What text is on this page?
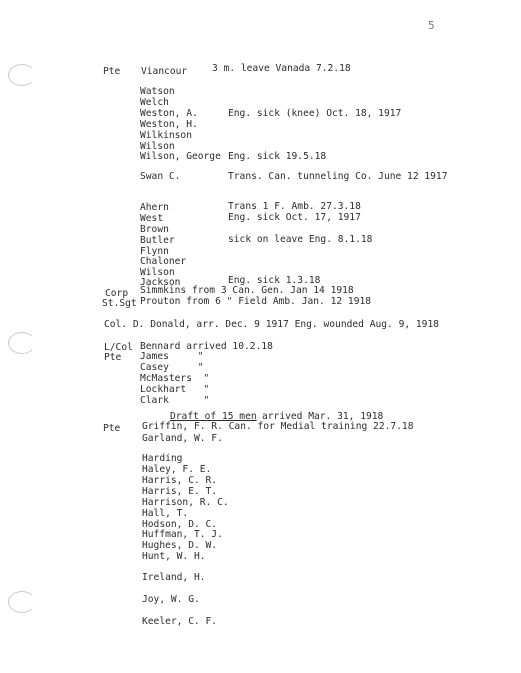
5
Pte Viancour	3 m. leave Vanada 7.2.18
Watson
Welch
Weston, A.	Eng. sick (knee) Oct. 18, 1917
Weston, H.
Wilkinson
Wilson
Wilson, George Eng. sick 19.5.18
Swan C.	Trans. Can. tunneling Co. June 12 1917
Ahern	Trans 1 F. Amb. 27.3.18
West	Eng. sick Oct. 17, 1917
Brown
Butler	sick on leave Eng. 8.1.18
Flynn
Chaloner
Wilson
Jackson	Eng. sick 1.3.18
Corp Simmkins from 3 Can. Gen. Jan 14 1918
St.Sgt Prouton from 6 " Field Amb. Jan. 12 1918
Col. D. Donald, arr. Dec. 9 1917 Eng. wounded Aug. 9, 1918
L/Col Bennard arrived 10.2.18
Pte James     "
Casey     "
McMasters  "
Lockhart   "
Clark      "
Draft of 15 men arrived Mar. 31, 1918
Pte Griffin, F. R. Can. for Medial training 22.7.18
Garland, W. F.
Harding
Haley, F. E.
Harris, C. R.
Harris, E. T.
Harrison, R. C.
Hall, T.
Hodson, D. C.
Huffman, T. J.
Hughes, D. W.
Hunt, W. H.
Ireland, H.
Joy, W. G.
Keeler, C. F.
